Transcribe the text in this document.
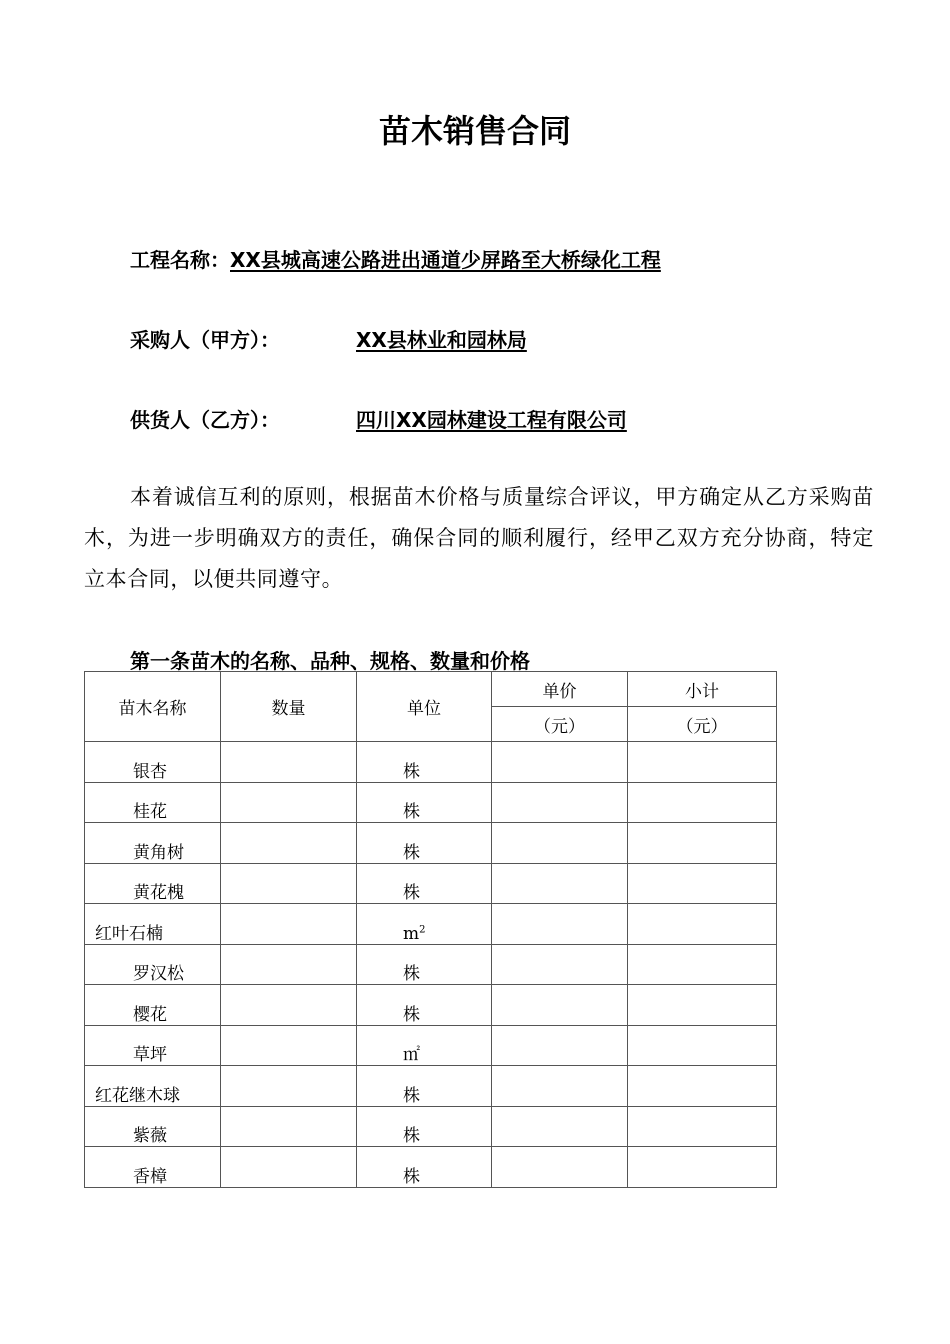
苗木销售合同
工程名称：XX县城高速公路进出通道少屏路至大桥绿化工程
采购人（甲方）：	XX县林业和园林局
供货人（乙方）：	四川XX园林建设工程有限公司
本着诚信互利的原则，根据苗木价格与质量综合评议，甲方确定从乙方采购苗木，为进一步明确双方的责任，确保合同的顺利履行，经甲乙双方充分协商，特定立本合同，以便共同遵守。
第一条苗木的名称、品种、规格、数量和价格
苗木名称	数量	单位	单价	小计
			（元）	（元）
银杏		株		
桂花		株		
黄角树		株		
黄花槐		株		
红叶石楠		$m^2$		
罗汉松		株		
樱花		株		
草坪		㎡		
红花继木球		株		
紫薇		株		
香樟		株		
